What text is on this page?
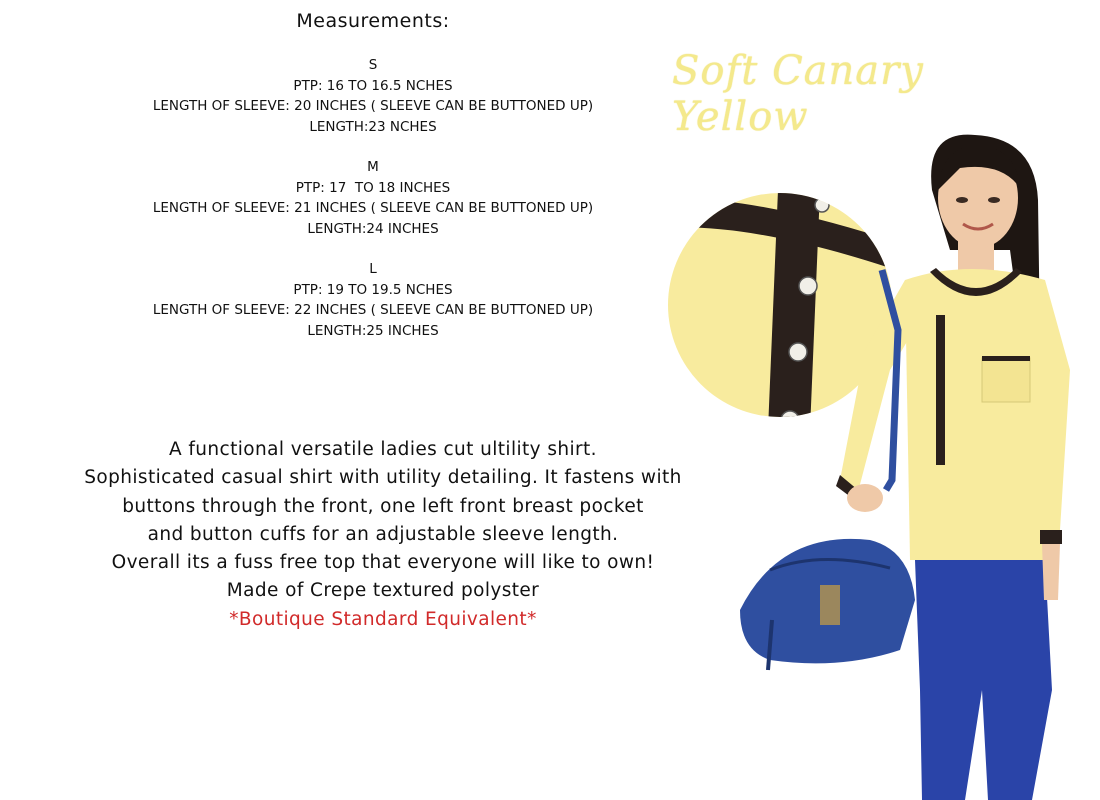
Measurements:
S
PTP: 16 TO 16.5 NCHES
LENGTH OF SLEEVE: 20 INCHES ( SLEEVE CAN BE BUTTONED UP)
LENGTH:23 NCHES
M
PTP: 17  TO 18 INCHES
LENGTH OF SLEEVE: 21 INCHES ( SLEEVE CAN BE BUTTONED UP)
LENGTH:24 INCHES
L
PTP: 19 TO 19.5 NCHES
LENGTH OF SLEEVE: 22 INCHES ( SLEEVE CAN BE BUTTONED UP)
LENGTH:25 INCHES
A functional versatile ladies cut ultility shirt.
Sophisticated casual shirt with utility detailing. It fastens with
buttons through the front, one left front breast pocket
and button cuffs for an adjustable sleeve length.
Overall its a fuss free top that everyone will like to own!
Made of Crepe textured polyster
*Boutique Standard Equivalent*
Soft Canary Yellow
